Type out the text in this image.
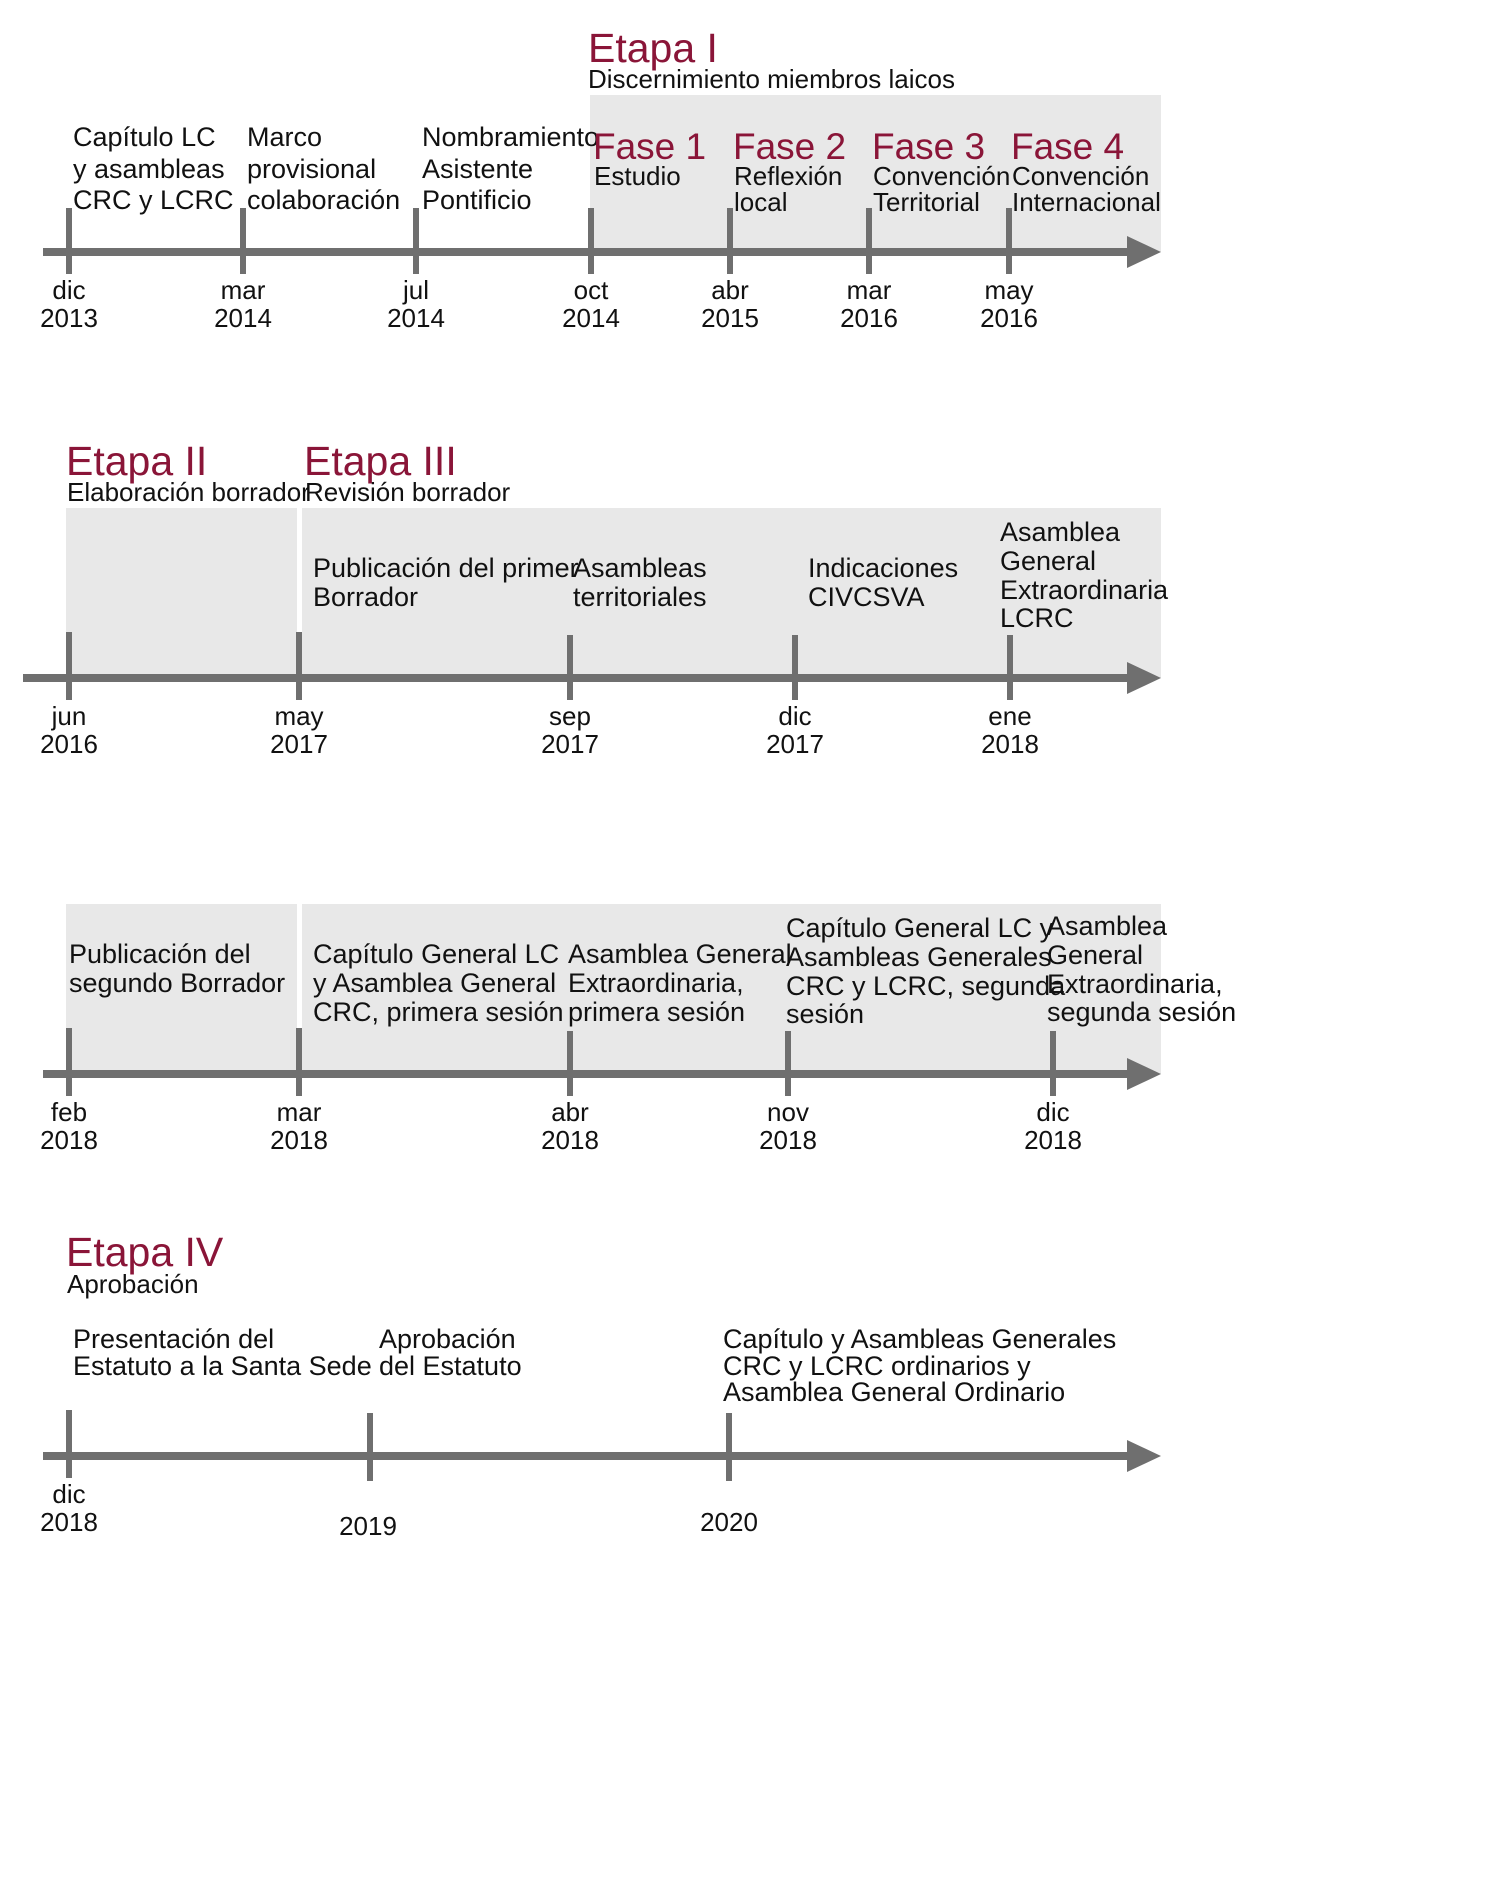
Etapa I
Discernimiento miembros laicos
dic
2013
mar
2014
jul
2014
oct
2014
abr
2015
mar
2016
may
2016
Capítulo LC
y asambleas
CRC y LCRC
Marco
provisional
colaboración
Nombramiento
Asistente
Pontificio
Fase 1
Estudio
Fase 2
Reflexión
local
Fase 3
Convención
Territorial
Fase 4
Convención
Internacional
Etapa II
Elaboración borrador
Etapa III
Revisión borrador
jun
2016
may
2017
sep
2017
dic
2017
ene
2018
Publicación del primer
Borrador
Asambleas
territoriales
Indicaciones
CIVCSVA
Asamblea
General
Extraordinaria
LCRC
feb
2018
mar
2018
abr
2018
nov
2018
dic
2018
Publicación del
segundo Borrador
Capítulo General LC
y Asamblea General
CRC, primera sesión
Asamblea General
Extraordinaria,
primera sesión
Capítulo General LC y
Asambleas Generales
CRC y LCRC, segunda
sesión
Asamblea
General
Extraordinaria,
segunda sesión
Etapa IV
Aprobación
dic
2018	2019	2020
Presentación del
Estatuto a la Santa Sede
Aprobación
del Estatuto
Capítulo y Asambleas Generales
CRC y LCRC ordinarios y
Asamblea General Ordinario
